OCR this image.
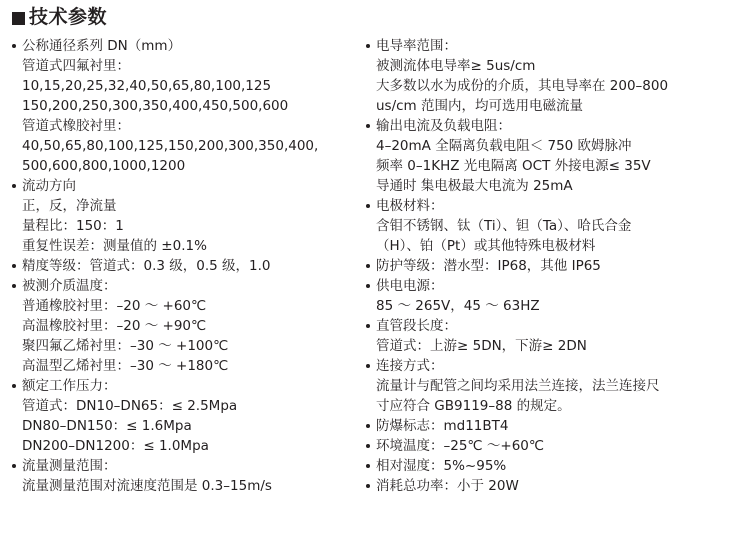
技术参数
公称通径系列 DN（mm）
管道式四氟衬里：
10,15,20,25,32,40,50,65,80,100,125
150,200,250,300,350,400,450,500,600
管道式橡胶衬里：
40,50,65,80,100,125,150,200,300,350,400,
500,600,800,1000,1200
流动方向
正，反，净流量
量程比：150：1
重复性误差：测量值的 ±0.1%
精度等级：管道式：0.3 级，0.5 级，1.0
被测介质温度：
普通橡胶衬里：–20 ～ +60℃
高温橡胶衬里：–20 ～ +90℃
聚四氟乙烯衬里：–30 ～ +100℃
高温型乙烯衬里：–30 ～ +180℃
额定工作压力：
管道式：DN10–DN65：≤ 2.5Mpa
DN80–DN150：≤ 1.6Mpa
DN200–DN1200：≤ 1.0Mpa
流量测量范围：
流量测量范围对流速度范围是 0.3–15m/s
电导率范围：
被测流体电导率≥ 5us/cm
大多数以水为成份的介质，其电导率在 200–800
us/cm 范围内，均可选用电磁流量
输出电流及负载电阻：
4–20mA 全隔离负载电阻＜ 750 欧姆脉冲
频率 0–1KHZ 光电隔离 OCT 外接电源≤ 35V
导通时 集电极最大电流为 25mA
电极材料：
含钼不锈钢、钛（Ti）、钽（Ta）、哈氏合金
（H）、铂（Pt）或其他特殊电极材料
防护等级：潜水型：IP68，其他 IP65
供电电源：
85 ～ 265V，45 ～ 63HZ
直管段长度：
管道式：上游≥ 5DN，下游≥ 2DN
连接方式：
流量计与配管之间均采用法兰连接，法兰连接尺
寸应符合 GB9119–88 的规定。
防爆标志：md11BT4
环境温度：–25℃ ～+60℃
相对湿度：5%~95%
消耗总功率：小于 20W
